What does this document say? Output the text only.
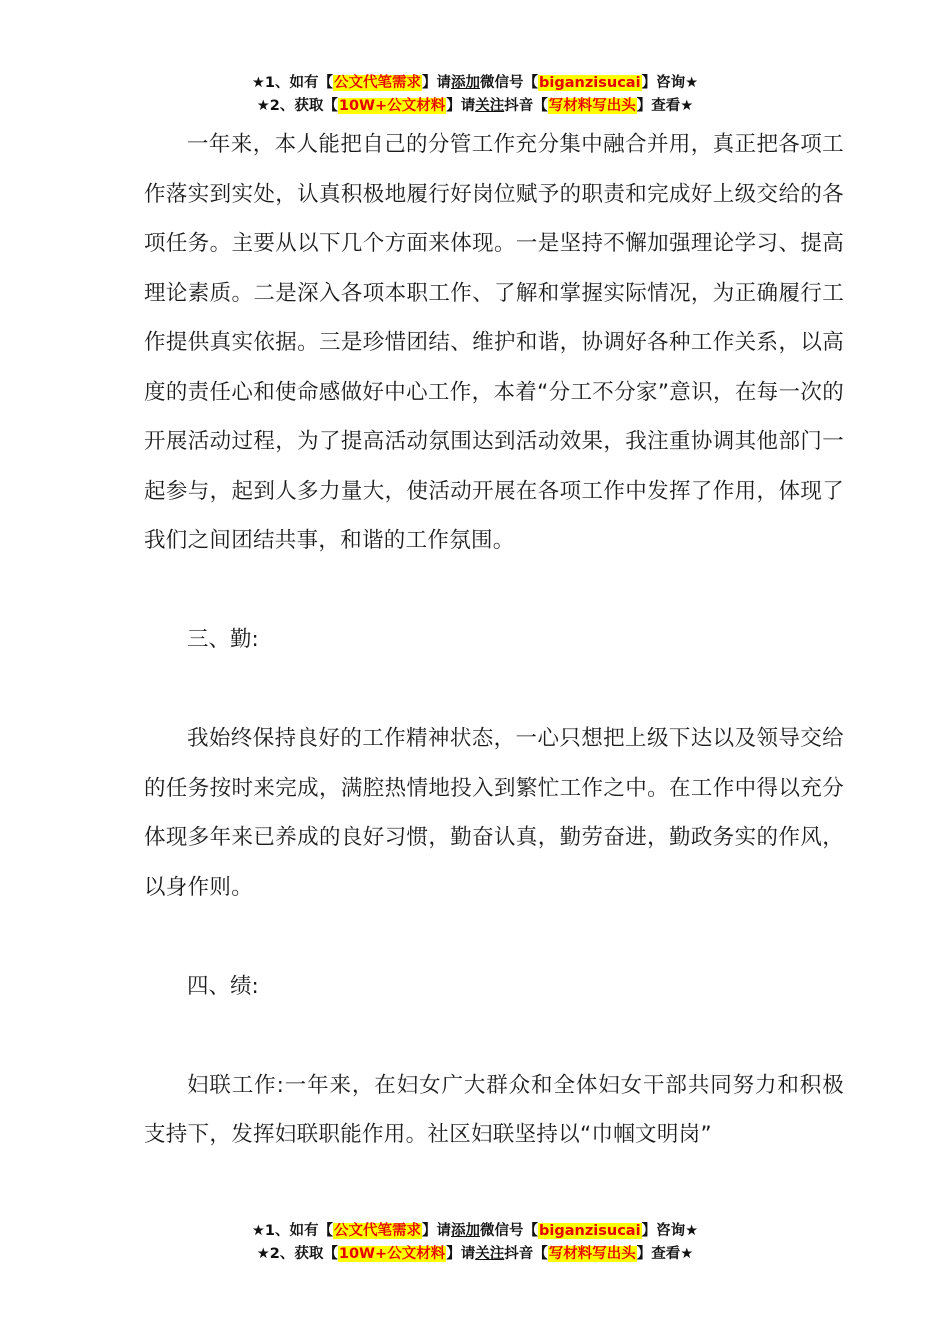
★1、如有【公文代笔需求】请添加微信号【biganzisucai】咨询★
★2、获取【10W+公文材料】请关注抖音【写材料写出头】查看★

一年来，本人能把自己的分管工作充分集中融合并用，真正把各项工作落实到实处，认真积极地履行好岗位赋予的职责和完成好上级交给的各项任务。主要从以下几个方面来体现。一是坚持不懈加强理论学习、提高理论素质。二是深入各项本职工作、了解和掌握实际情况，为正确履行工作提供真实依据。三是珍惜团结、维护和谐，协调好各种工作关系，以高度的责任心和使命感做好中心工作，本着“分工不分家”意识，在每一次的开展活动过程，为了提高活动氛围达到活动效果，我注重协调其他部门一起参与，起到人多力量大，使活动开展在各项工作中发挥了作用，体现了我们之间团结共事，和谐的工作氛围。

三、勤:

我始终保持良好的工作精神状态，一心只想把上级下达以及领导交给的任务按时来完成，满腔热情地投入到繁忙工作之中。在工作中得以充分体现多年来已养成的良好习惯，勤奋认真，勤劳奋进，勤政务实的作风，以身作则。

四、绩:

妇联工作:一年来，在妇女广大群众和全体妇女干部共同努力和积极支持下，发挥妇联职能作用。社区妇联坚持以“巾帼文明岗”

★1、如有【公文代笔需求】请添加微信号【biganzisucai】咨询★
★2、获取【10W+公文材料】请关注抖音【写材料写出头】查看★
